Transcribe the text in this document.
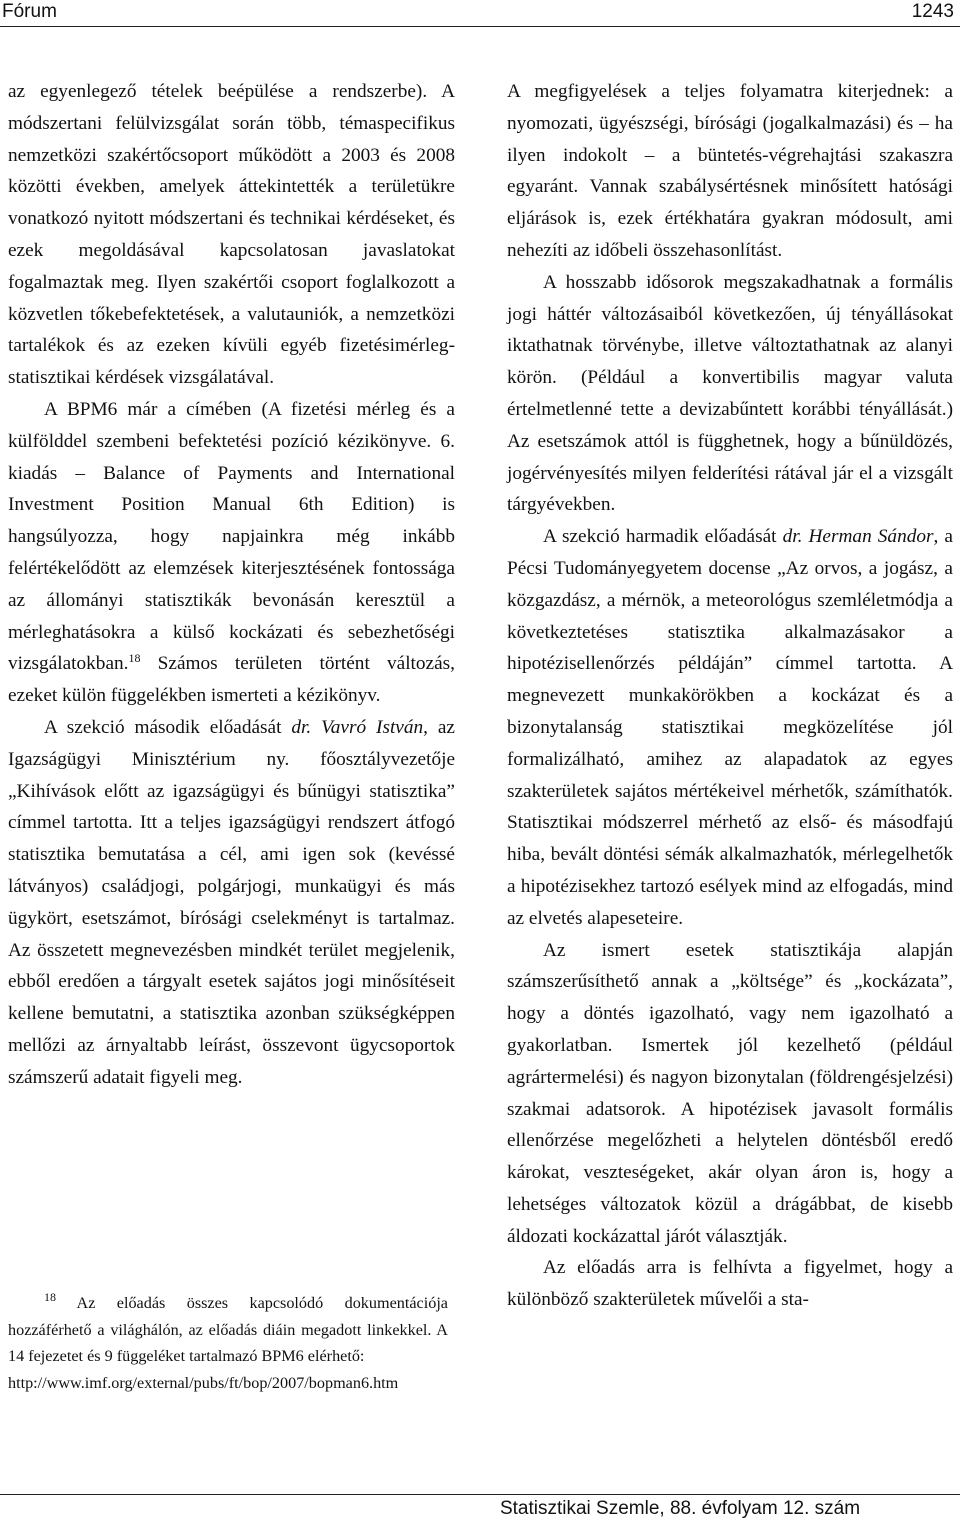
Fórum	1243

az egyenlegező tételek beépülése a rendszerbe). A módszertani felülvizsgálat során több, témaspecifikus nemzetközi szakértőcsoport működött a 2003 és 2008 közötti években, amelyek áttekintették a területükre vonatkozó nyitott módszertani és technikai kérdéseket, és ezek megoldásával kapcsolatosan javaslatokat fogalmaztak meg. Ilyen szakértői csoport foglalkozott a közvetlen tőkebefektetések, a valutauniók, a nemzetközi tartalékok és az ezeken kívüli egyéb fizetésimérleg-statisztikai kérdések vizsgálatával.

A BPM6 már a címében (A fizetési mérleg és a külfölddel szembeni befektetési pozíció kézikönyve. 6. kiadás – Balance of Payments and International Investment Position Manual 6th Edition) is hangsúlyozza, hogy napjainkra még inkább felértékelődött az elemzések kiterjesztésének fontossága az állományi statisztikák bevonásán keresztül a mérleghatásokra a külső kockázati és sebezhetőségi vizsgálatokban.$^{18}$ Számos területen történt változás, ezeket külön függelékben ismerteti a kézikönyv.

A szekció második előadását dr. Vavró István, az Igazságügyi Minisztérium ny. főosztályvezetője „Kihívások előtt az igazságügyi és bűnügyi statisztika” címmel tartotta. Itt a teljes igazságügyi rendszert átfogó statisztika bemutatása a cél, ami igen sok (kevéssé látványos) családjogi, polgárjogi, munkaügyi és más ügykört, esetszámot, bírósági cselekményt is tartalmaz. Az összetett megnevezésben mindkét terület megjelenik, ebből eredően a tárgyalt esetek sajátos jogi minősítéseit kellene bemutatni, a statisztika azonban szükségképpen mellőzi az árnyaltabb leírást, összevont ügycsoportok számszerű adatait figyeli meg.

$^{18}$ Az előadás összes kapcsolódó dokumentációja hozzáférhető a világhálón, az előadás diáin megadott linkekkel. A 14 fejezetet és 9 függeléket tartalmazó BPM6 elérhető:

http://www.imf.org/external/pubs/ft/bop/2007/bopman6.htm

A megfigyelések a teljes folyamatra kiterjednek: a nyomozati, ügyészségi, bírósági (jogalkalmazási) és – ha ilyen indokolt – a büntetés-végrehajtási szakaszra egyaránt. Vannak szabálysértésnek minősített hatósági eljárások is, ezek értékhatára gyakran módosult, ami nehezíti az időbeli összehasonlítást.

A hosszabb idősorok megszakadhatnak a formális jogi háttér változásaiból következően, új tényállásokat iktathatnak törvénybe, illetve változtathatnak az alanyi körön. (Például a konvertibilis magyar valuta értelmetlenné tette a devizabűntett korábbi tényállását.) Az esetszámok attól is függhetnek, hogy a bűnüldözés, jogérvényesítés milyen felderítési rátával jár el a vizsgált tárgyévekben.

A szekció harmadik előadását dr. Herman Sándor, a Pécsi Tudományegyetem docense „Az orvos, a jogász, a közgazdász, a mérnök, a meteorológus szemléletmódja a következtetéses statisztika alkalmazásakor a hipotézisellenőrzés példáján” címmel tartotta. A megnevezett munkakörökben a kockázat és a bizonytalanság statisztikai megközelítése jól formalizálható, amihez az alapadatok az egyes szakterületek sajátos mértékeivel mérhetők, számíthatók. Statisztikai módszerrel mérhető az első- és másodfajú hiba, bevált döntési sémák alkalmazhatók, mérlegelhetők a hipotézisekhez tartozó esélyek mind az elfogadás, mind az elvetés alapeseteire.

Az ismert esetek statisztikája alapján számszerűsíthető annak a „költsége” és „kockázata”, hogy a döntés igazolható, vagy nem igazolható a gyakorlatban. Ismertek jól kezelhető (például agrártermelési) és nagyon bizonytalan (földrengésjelzési) szakmai adatsorok. A hipotézisek javasolt formális ellenőrzése megelőzheti a helytelen döntésből eredő károkat, veszteségeket, akár olyan áron is, hogy a lehetséges változatok közül a drágábbat, de kisebb áldozati kockázattal járót választják.

Az előadás arra is felhívta a figyelmet, hogy a különböző szakterületek művelői a sta-

Statisztikai Szemle, 88. évfolyam 12. szám
